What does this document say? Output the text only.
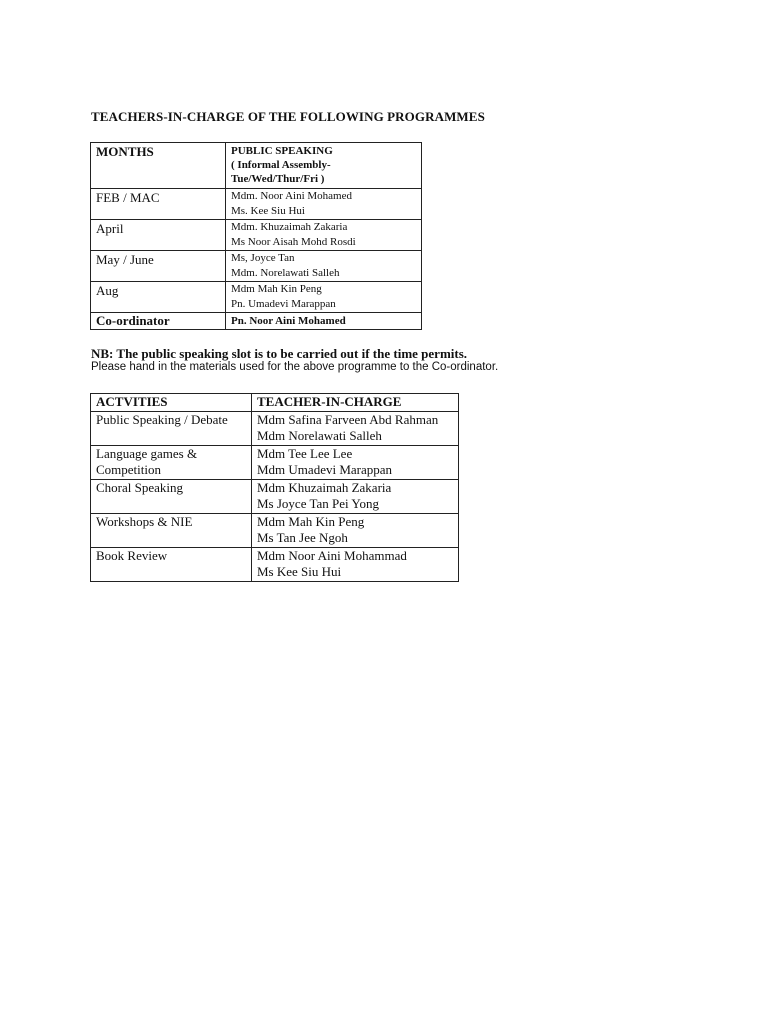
TEACHERS-IN-CHARGE OF THE FOLLOWING PROGRAMMES
MONTHS	PUBLIC SPEAKING
( Informal Assembly-
Tue/Wed/Thur/Fri )

FEB / MAC	Mdm. Noor Aini Mohamed
Ms. Kee Siu Hui

April	Mdm. Khuzaimah Zakaria
Ms Noor Aisah Mohd Rosdi

May / June	Ms, Joyce Tan
Mdm. Norelawati Salleh

Aug	Mdm Mah Kin Peng
Pn. Umadevi Marappan

Co-ordinator	Pn. Noor Aini Mohamed
NB: The public speaking slot is to be carried out if the time permits.
Please hand in the materials used for the above programme to the Co-ordinator.
ACTVITIES	TEACHER-IN-CHARGE

Public Speaking / Debate	Mdm Safina Farveen Abd Rahman
Mdm Norelawati Salleh

Language games &
Competition	Mdm Tee Lee Lee
Mdm Umadevi Marappan

Choral Speaking	Mdm Khuzaimah Zakaria
Ms Joyce Tan Pei Yong

Workshops & NIE	Mdm Mah Kin Peng
Ms Tan Jee Ngoh

Book Review	Mdm Noor Aini Mohammad
Ms Kee Siu Hui
